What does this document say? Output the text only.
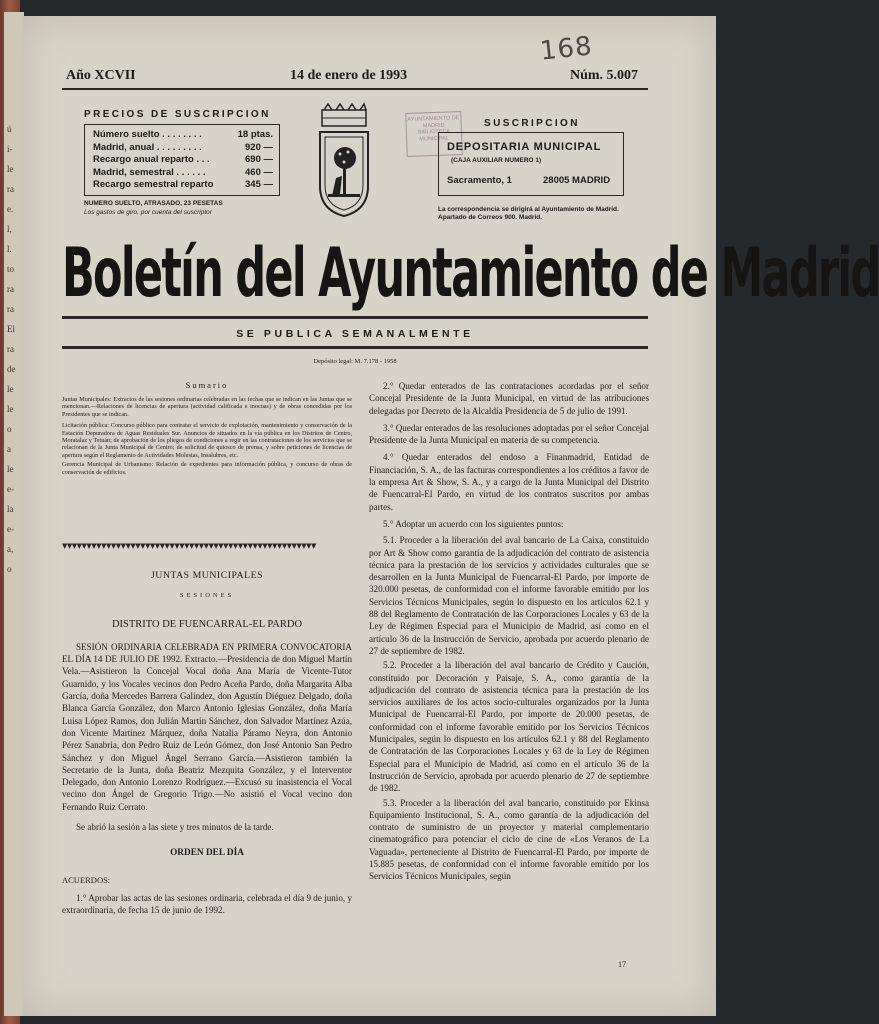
ú
i-
le
ra
e.
l,
l.
to
ra
ra
El
ra
de
le
le
o
a
le
e-
la
e-
a,
o
168
Año XCVII	14 de enero de 1993	Núm. 5.007
PRECIOS DE SUSCRIPCION
Número suelto . . . . . . . .	18 ptas.
Madrid, anual . . . . . . . . .	920 —
Recargo anual reparto . . .	690 —
Madrid, semestral . . . . . .	460 —
Recargo semestral reparto	345 —
NUMERO SUELTO, ATRASADO, 23 PESETAS
Los gastos de giro, por cuenta del suscriptor
AYUNTAMIENTO DE MADRID BIBLIOTECA MUNICIPAL
SUSCRIPCION
DEPOSITARIA MUNICIPAL
(CAJA AUXILIAR NUMERO 1)
Sacramento, 1	28005 MADRID
La correspondencia se dirigirá al Ayuntamiento de Madrid. Apartado de Correos 900. Madrid.
Boletín del Ayuntamiento de Madrid
SE PUBLICA SEMANALMENTE
Depósito legal: M. 7.178 - 1958
Sumario

Juntas Municipales: Extractos de las sesiones ordinarias celebradas en las fechas que se indican en las Juntas que se mencionan.—Relaciones de licencias de apertura (actividad calificada e inocuas) y de obras concedidas por los Presidentes que se indican.

Licitación pública: Concurso público para contratar el servicio de explotación, mantenimiento y conservación de la Estación Depuradora de Aguas Residuales Sur. Anuncios de situados en la vía pública en los Distritos de Centro, Moratalaz y Tetuán; de aprobación de los pliegos de condiciones a regir en las contrataciones de los servicios que se relacionan de la Junta Municipal de Centro; de solicitud de quiosco de prensa, y sobre peticiones de licencias de apertura según el Reglamento de Actividades Molestas, Insalubres, etc.

Gerencia Municipal de Urbanismo: Relación de expedientes para información pública, y concurso de obras de conservación de edificios.

▼▼▼▼▼▼▼▼▼▼▼▼▼▼▼▼▼▼▼▼▼▼▼▼▼▼▼▼▼▼▼▼▼▼▼▼▼▼▼▼▼▼▼▼▼▼▼▼▼▼▼▼
JUNTAS MUNICIPALES
SESIONES
DISTRITO DE FUENCARRAL-EL PARDO

SESIÓN ORDINARIA CELEBRADA EN PRIMERA CONVOCATORIA EL DÍA 14 DE JULIO DE 1992. Extracto.—Presidencia de don Miguel Martín Vela.—Asistieron la Concejal Vocal doña Ana María de Vicente-Tutor Guarnido, y los Vocales vecinos don Pedro Aceña Pardo, doña Margarita Alba García, doña Mercedes Barrera Galindez, don Agustín Diéguez Delgado, doña Blanca García González, don Marco Antonio Iglesias González, doña María Luisa López Ramos, don Julián Martín Sánchez, don Salvador Martínez Azúa, don Vicente Martínez Márquez, doña Natalia Páramo Neyra, don Antonio Pérez Sanabria, don Pedro Ruiz de León Gómez, don José Antonio San Pedro Sánchez y don Miguel Ángel Serrano García.—Asistieron también la Secretario de la Junta, doña Beatriz Mezquita González, y el Interventor Delegado, don Antonio Lorenzo Rodríguez.—Excusó su inasistencia el Vocal vecino don Ángel de Gregorio Trigo.—No asistió el Vocal vecino don Fernando Ruiz Cerrato.

Se abrió la sesión a las siete y tres minutos de la tarde.

ORDEN DEL DÍA

ACUERDOS:

1.° Aprobar las actas de las sesiones ordinaria, celebrada el día 9 de junio, y extraordinaria, de fecha 15 de junio de 1992.

2.° Quedar enterados de las contrataciones acordadas por el señor Concejal Presidente de la Junta Municipal, en virtud de las atribuciones delegadas por Decreto de la Alcaldía Presidencia de 5 de julio de 1991.

3.° Quedar enterados de las resoluciones adoptadas por el señor Concejal Presidente de la Junta Municipal en materia de su competencia.

4.° Quedar enterados del endoso a Finanmadrid, Entidad de Financiación, S. A., de las facturas correspondientes a los créditos a favor de la empresa Art & Show, S. A., y a cargo de la Junta Municipal del Distrito de Fuencarral-El Pardo, en virtud de los contratos suscritos por ambas partes.

5.° Adoptar un acuerdo con los siguientes puntos:

5.1. Proceder a la liberación del aval bancario de La Caixa, constituido por Art & Show como garantía de la adjudicación del contrato de asistencia técnica para la prestación de los servicios y actividades culturales que se desarrollen en la Junta Municipal de Fuencarral-El Pardo, por importe de 320.000 pesetas, de conformidad con el informe favorable emitido por los Servicios Técnicos Municipales, según lo dispuesto en los artículos 62.1 y 88 del Reglamento de Contratación de las Corporaciones Locales y 63 de la Ley de Régimen Especial para el Municipio de Madrid, así como en el artículo 36 de la Instrucción de Servicio, aprobada por acuerdo plenario de 27 de septiembre de 1982.

5.2. Proceder a la liberación del aval bancario de Crédito y Caución, constituido por Decoración y Paisaje, S. A., como garantía de la adjudicación del contrato de asistencia técnica para la prestación de los servicios auxiliares de los actos socio-culturales organizados por la Junta Municipal de Fuencarral-El Pardo, por importe de 20.000 pesetas, de conformidad con el informe favorable emitido por los Servicios Técnicos Municipales, según lo dispuesto en los artículos 62.1 y 88 del Reglamento de Contratación de las Corporaciones Locales y 63 de la Ley de Régimen Especial para el Municipio de Madrid, así como en el artículo 36 de la Instrucción de Servicio, aprobada por acuerdo plenario de 27 de septiembre de 1982.

5.3. Proceder a la liberación del aval bancario, constituido por Ekinsa Equipamiento Institucional, S. A., como garantía de la adjudicación del contrato de suministro de un proyector y material complementario cinematográfico para potenciar el ciclo de cine de «Los Veranos de La Vaguada», perteneciente al Distrito de Fuencarral-El Pardo, por importe de 15.885 pesetas, de conformidad con el informe favorable emitido por los Servicios Técnicos Municipales, según

17
